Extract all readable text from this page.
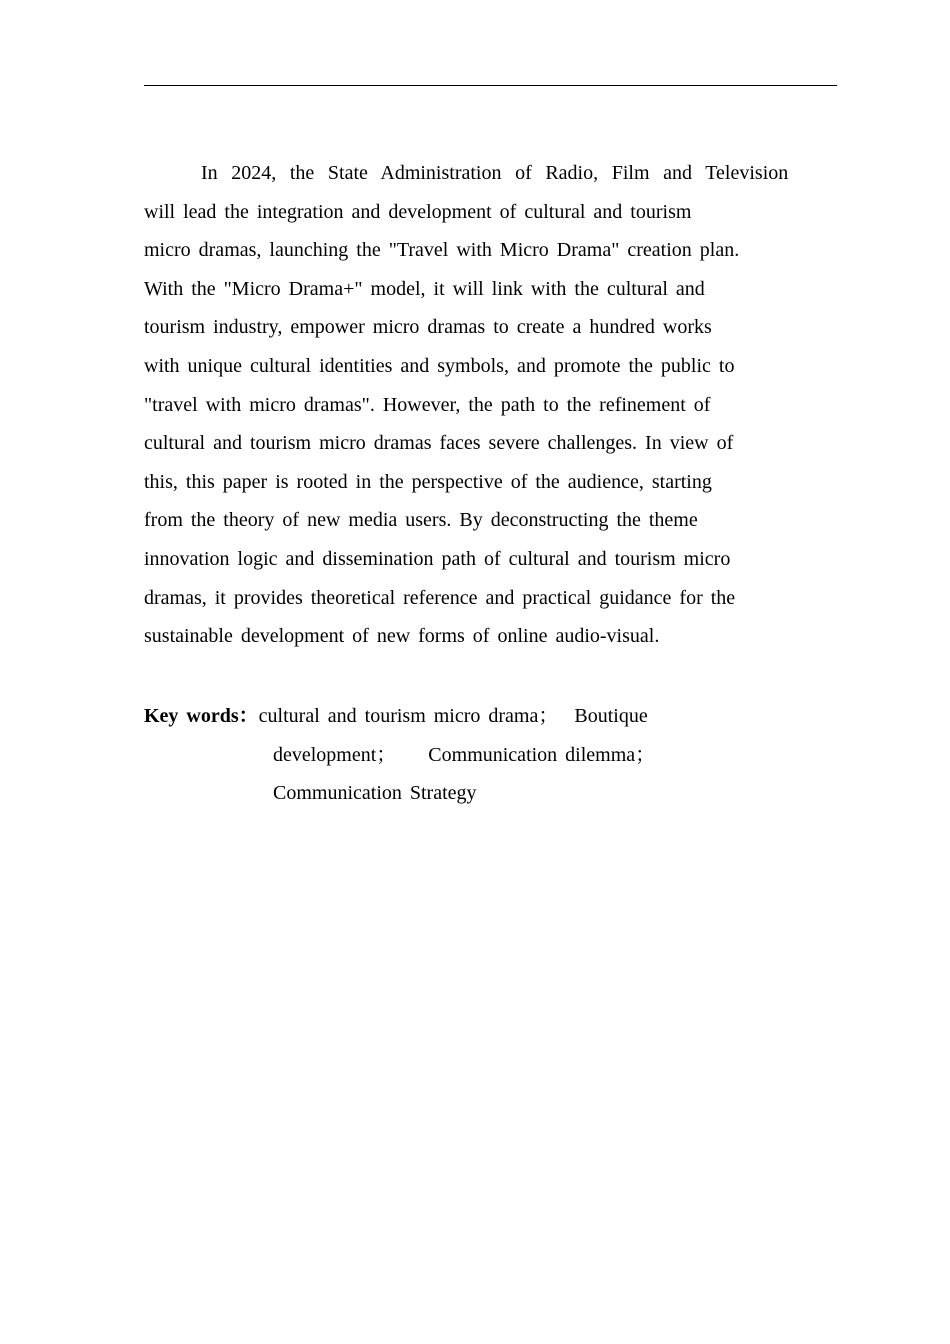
In 2024, the State Administration of Radio, Film and Television
will lead the integration and development of cultural and tourism
micro dramas, launching the "Travel with Micro Drama" creation plan.
With the "Micro Drama+" model, it will link with the cultural and
tourism industry, empower micro dramas to create a hundred works
with unique cultural identities and symbols, and promote the public to
"travel with micro dramas". However, the path to the refinement of
cultural and tourism micro dramas faces severe challenges. In view of
this, this paper is rooted in the perspective of the audience, starting
from the theory of new media users. By deconstructing the theme
innovation logic and dissemination path of cultural and tourism micro
dramas, it provides theoretical reference and practical guidance for the
sustainable development of new forms of online audio-visual.
Key words：cultural and tourism micro drama；  Boutique
development；    Communication dilemma；
Communication Strategy
